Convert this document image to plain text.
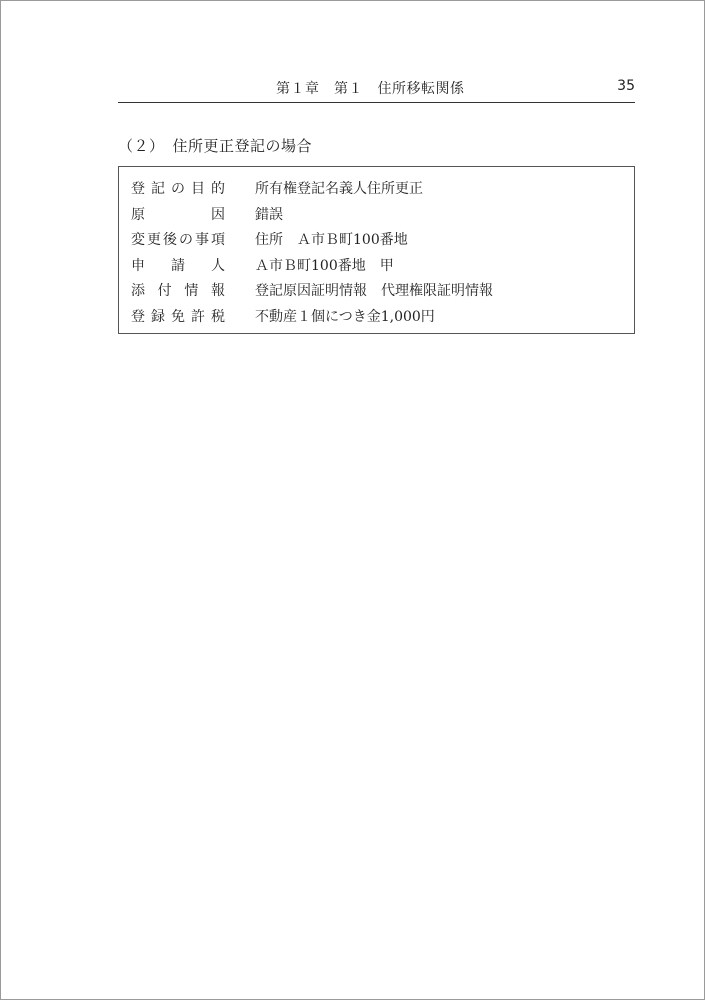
第１章　第１　住所移転関係	35
（２）　住所更正登記の場合
登記の目的 所有権登記名義人住所更正
原因 錯誤
変更後の事項 住所　Ａ市Ｂ町100番地
申請人 Ａ市Ｂ町100番地　甲
添付情報 登記原因証明情報　代理権限証明情報
登録免許税 不動産１個につき金1,000円
